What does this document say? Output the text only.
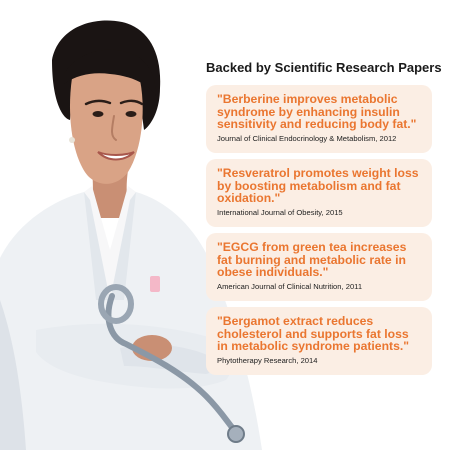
Backed by Scientific Research Papers
"Berberine improves metabolic
syndrome by enhancing insulin
sensitivity and reducing body fat."
Journal of Clinical Endocrinology & Metabolism, 2012
"Resveratrol promotes weight loss
by boosting metabolism and fat
oxidation."
International Journal of Obesity, 2015
"EGCG from green tea increases
fat burning and metabolic rate in
obese individuals."
American Journal of Clinical Nutrition, 2011
"Bergamot extract reduces
cholesterol and supports fat loss
in metabolic syndrome patients."
Phytotherapy Research, 2014
